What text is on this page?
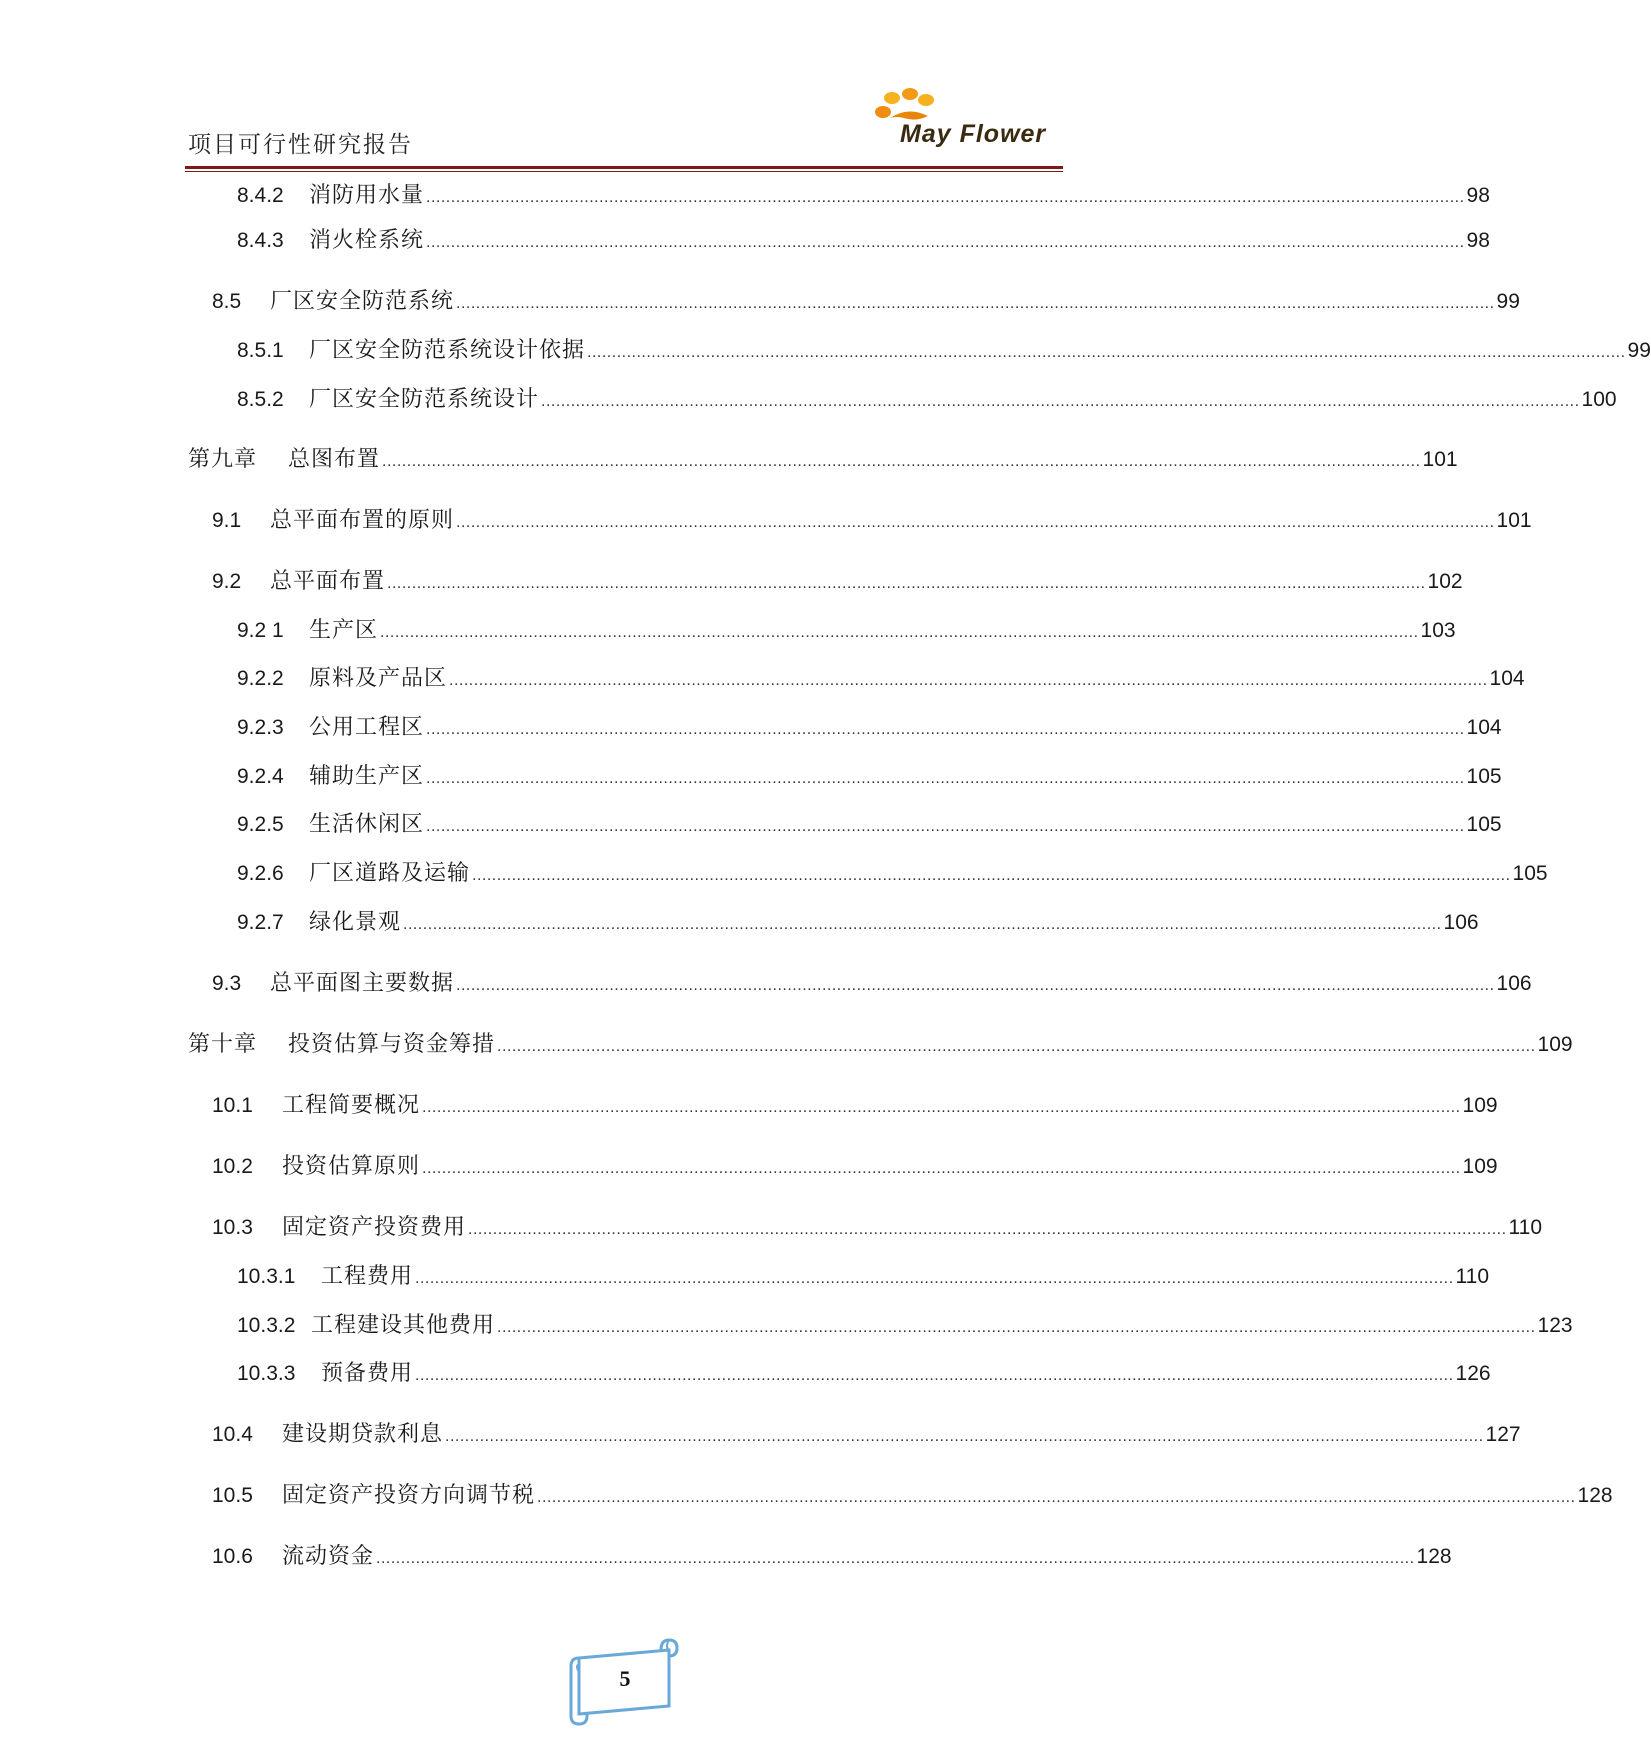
项目可行性研究报告	May Flower
8.4.2	消防用水量 .................................................................................................................................................................................................................. 98
8.4.3	消火栓系统 .................................................................................................................................................................................................................. 98
8.5	厂区安全防范系统 .................................................................................................................................................................................................................. 99
8.5.1	厂区安全防范系统设计依据 .................................................................................................................................................................................................................. 99
8.5.2	厂区安全防范系统设计 .................................................................................................................................................................................................................. 100
第九章	总图布置 .................................................................................................................................................................................................................. 101
9.1	总平面布置的原则 .................................................................................................................................................................................................................. 101
9.2	总平面布置 .................................................................................................................................................................................................................. 102
9.2 1	生产区 .................................................................................................................................................................................................................. 103
9.2.2	原料及产品区 .................................................................................................................................................................................................................. 104
9.2.3	公用工程区 .................................................................................................................................................................................................................. 104
9.2.4	辅助生产区 .................................................................................................................................................................................................................. 105
9.2.5	生活休闲区 .................................................................................................................................................................................................................. 105
9.2.6	厂区道路及运输 .................................................................................................................................................................................................................. 105
9.2.7	绿化景观 .................................................................................................................................................................................................................. 106
9.3	总平面图主要数据 .................................................................................................................................................................................................................. 106
第十章	投资估算与资金筹措 .................................................................................................................................................................................................................. 109
10.1	工程简要概况 .................................................................................................................................................................................................................. 109
10.2	投资估算原则 .................................................................................................................................................................................................................. 109
10.3	固定资产投资费用 .................................................................................................................................................................................................................. 110
10.3.1	工程费用 .................................................................................................................................................................................................................. 110
10.3.2 工程建设其他费用 .................................................................................................................................................................................................................. 123
10.3.3	预备费用 .................................................................................................................................................................................................................. 126
10.4	建设期贷款利息 .................................................................................................................................................................................................................. 127
10.5	固定资产投资方向调节税 .................................................................................................................................................................................................................. 128
10.6	流动资金 .................................................................................................................................................................................................................. 128
5
